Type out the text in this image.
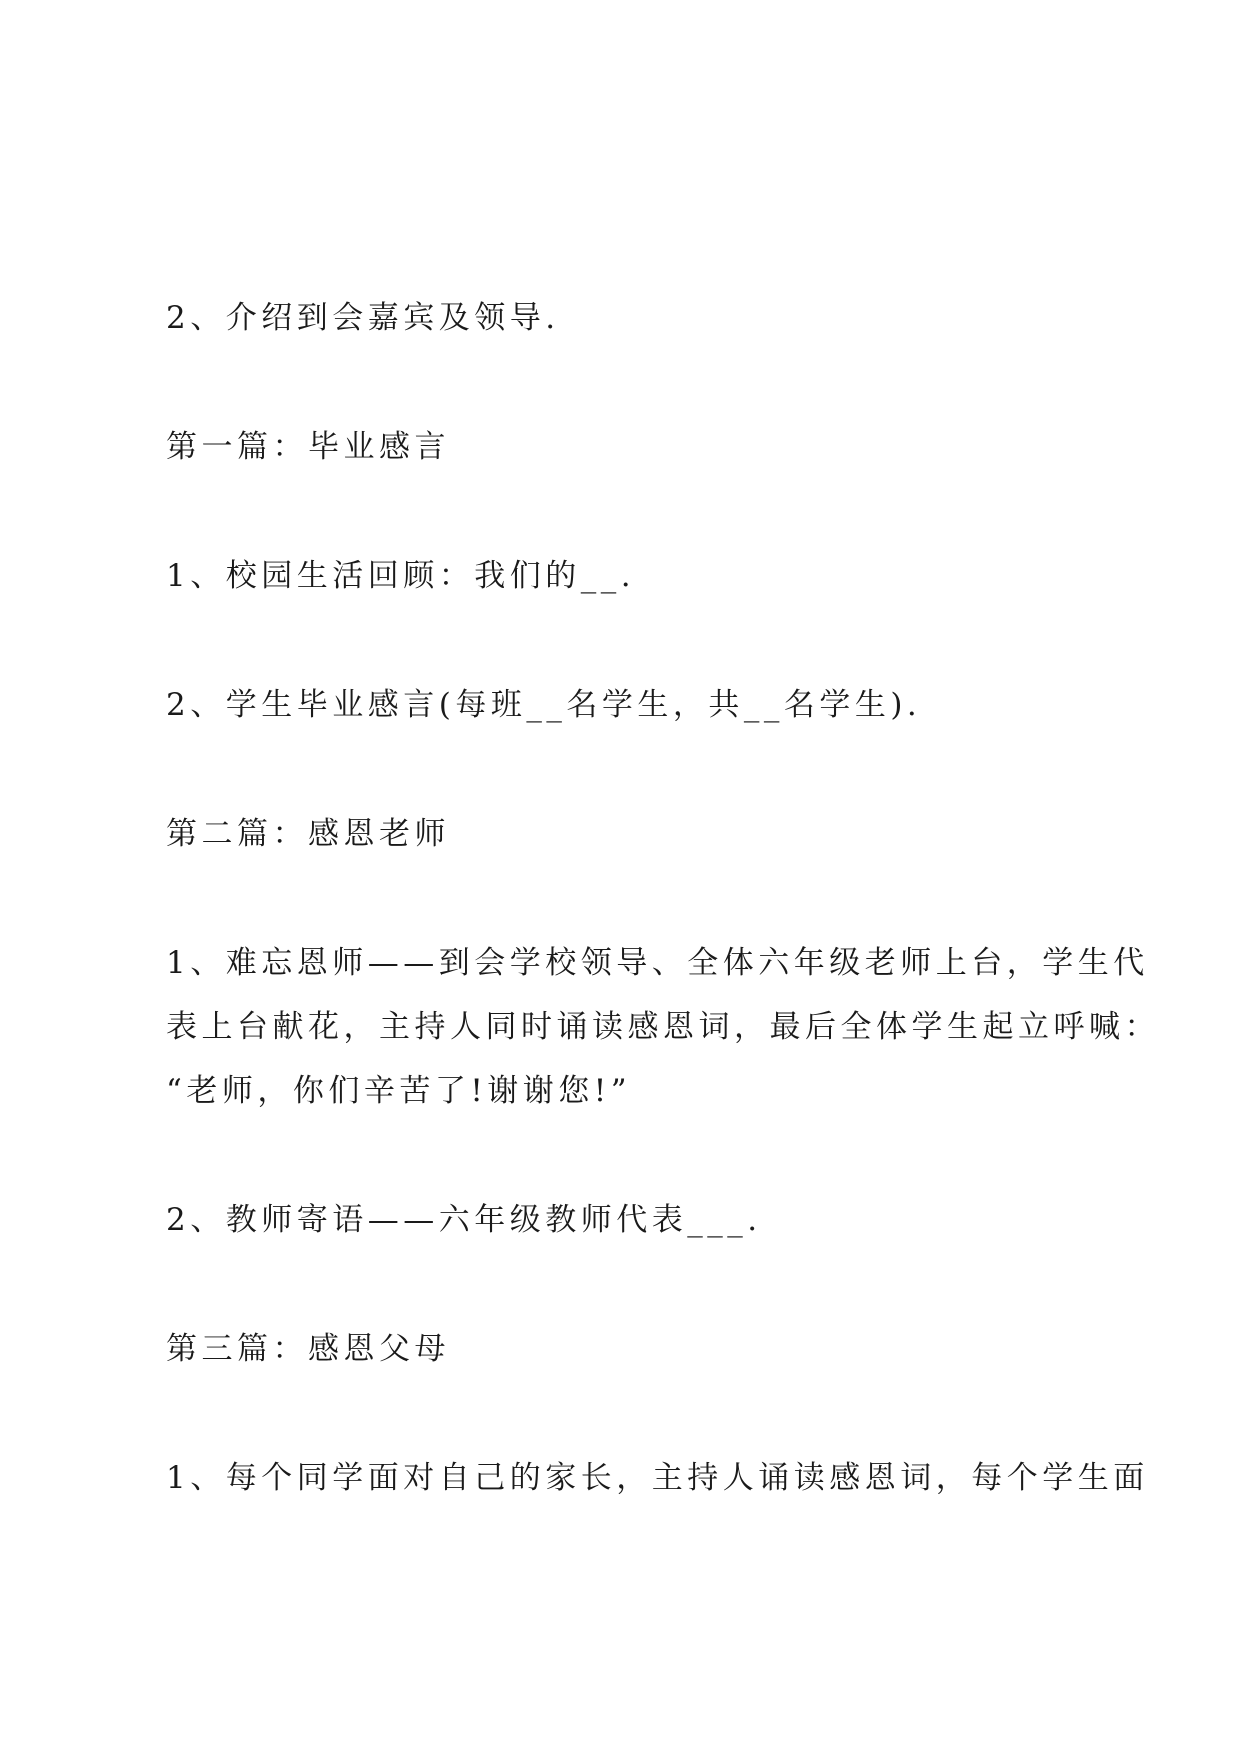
2、介绍到会嘉宾及领导.
第一篇：毕业感言
1、校园生活回顾：我们的__.
2、学生毕业感言(每班__名学生，共__名学生).
第二篇：感恩老师
1、难忘恩师——到会学校领导、全体六年级老师上台，学生代
表上台献花，主持人同时诵读感恩词，最后全体学生起立呼喊：
“老师，你们辛苦了!谢谢您!”
2、教师寄语——六年级教师代表___.
第三篇：感恩父母
1、每个同学面对自己的家长，主持人诵读感恩词，每个学生面
